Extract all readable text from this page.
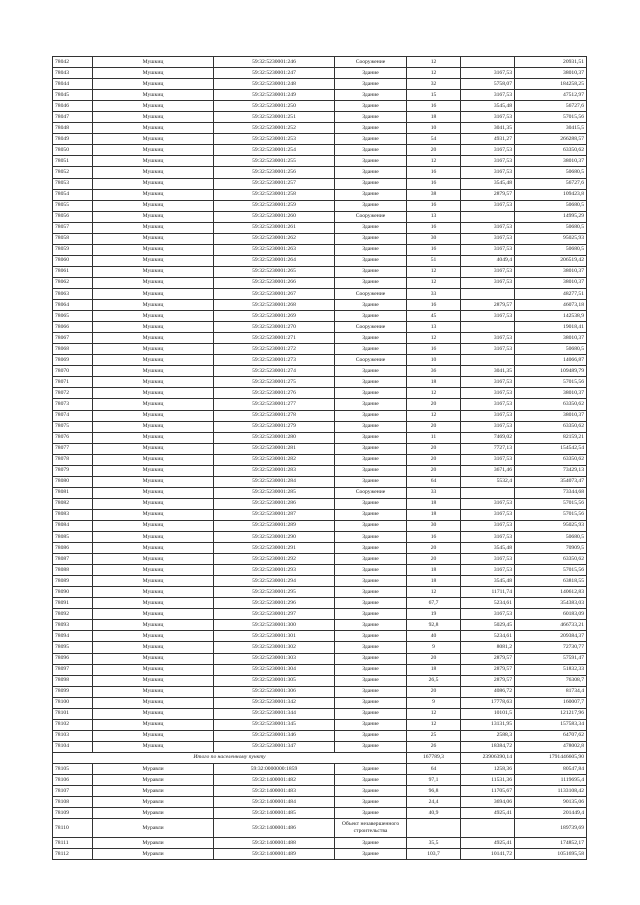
78042	Мушкиц	59:32:5230001:246	Сооружение	12		20931,51
78043	Мушкиц	59:32:5230001:247	Здание	12	3167,53	38010,37
78044	Мушкиц	59:32:5230001:248	Здание	32	5758,07	184258,25
78045	Мушкиц	59:32:5230001:249	Здание	15	3167,53	47512,97
78046	Мушкиц	59:32:5230001:250	Здание	16	3545,48	56727,6
78047	Мушкиц	59:32:5230001:251	Здание	18	3167,53	57015,56
78048	Мушкиц	59:32:5230001:252	Здание	10	3041,35	30415,5
78049	Мушкиц	59:32:5230001:253	Здание	54	4931,27	266288,57
78050	Мушкиц	59:32:5230001:254	Здание	20	3167,53	63350,62
78051	Мушкиц	59:32:5230001:255	Здание	12	3167,53	38010,37
78052	Мушкиц	59:32:5230001:256	Здание	16	3167,53	50680,5
78053	Мушкиц	59:32:5230001:257	Здание	16	3545,48	56727,6
78054	Мушкиц	59:32:5230001:258	Здание	38	2879,57	109423,8
78055	Мушкиц	59:32:5230001:259	Здание	16	3167,53	50680,5
78056	Мушкиц	59:32:5230001:260	Сооружение	13		14995,29
78057	Мушкиц	59:32:5230001:261	Здание	16	3167,53	50680,5
78058	Мушкиц	59:32:5230001:262	Здание	30	3167,53	95025,93
78059	Мушкиц	59:32:5230001:263	Здание	16	3167,53	50680,5
78060	Мушкиц	59:32:5230001:264	Здание	51	4049,4	206519,42
78061	Мушкиц	59:32:5230001:265	Здание	12	3167,53	38010,37
78062	Мушкиц	59:32:5230001:266	Здание	12	3167,53	38010,37
78063	Мушкиц	59:32:5230001:267	Сооружение	33		48277,51
78064	Мушкиц	59:32:5230001:268	Здание	16	2879,57	46073,18
78065	Мушкиц	59:32:5230001:269	Здание	45	3167,53	142538,9
78066	Мушкиц	59:32:5230001:270	Сооружение	13		19018,41
78067	Мушкиц	59:32:5230001:271	Здание	12	3167,53	38010,37
78068	Мушкиц	59:32:5230001:272	Здание	16	3167,53	50680,5
78069	Мушкиц	59:32:5230001:273	Сооружение	10		14066,87
78070	Мушкиц	59:32:5230001:274	Здание	36	3041,35	109489,79
78071	Мушкиц	59:32:5230001:275	Здание	18	3167,53	57015,56
78072	Мушкиц	59:32:5230001:276	Здание	12	3167,53	38010,37
78073	Мушкиц	59:32:5230001:277	Здание	20	3167,53	63350,62
78074	Мушкиц	59:32:5230001:278	Здание	12	3167,53	38010,37
78075	Мушкиц	59:32:5230001:279	Здание	20	3167,53	63350,62
78076	Мушкиц	59:32:5230001:280	Здание	11	7469,02	82159,21
78077	Мушкиц	59:32:5230001:281	Здание	20	7727,13	154542,54
78078	Мушкиц	59:32:5230001:282	Здание	20	3167,53	63350,62
78079	Мушкиц	59:32:5230001:283	Здание	20	3671,46	73429,13
78080	Мушкиц	59:32:5230001:284	Здание	64	5532,4	354073,47
78081	Мушкиц	59:32:5230001:285	Сооружение	33		73344,68
78082	Мушкиц	59:32:5230001:286	Здание	18	3167,53	57015,56
78083	Мушкиц	59:32:5230001:287	Здание	18	3167,53	57015,56
78084	Мушкиц	59:32:5230001:289	Здание	30	3167,53	95025,93
78085	Мушкиц	59:32:5230001:290	Здание	16	3167,53	50680,5
78086	Мушкиц	59:32:5230001:291	Здание	20	3545,48	70909,5
78087	Мушкиц	59:32:5230001:292	Здание	20	3167,53	63350,62
78088	Мушкиц	59:32:5230001:293	Здание	18	3167,53	57015,56
78089	Мушкиц	59:32:5230001:294	Здание	18	3545,48	63818,55
78090	Мушкиц	59:32:5230001:295	Здание	12	11711,74	140612,83
78091	Мушкиц	59:32:5230001:296	Здание	67,7	5234,61	354383,03
78092	Мушкиц	59:32:5230001:297	Здание	19	3167,53	60183,09
78093	Мушкиц	59:32:5230001:300	Здание	92,8	5029,45	466733,21
78094	Мушкиц	59:32:5230001:301	Здание	40	5234,61	209384,37
78095	Мушкиц	59:32:5230001:302	Здание	9	8081,2	72730,77
78096	Мушкиц	59:32:5230001:303	Здание	20	2879,57	57591,47
78097	Мушкиц	59:32:5230001:304	Здание	18	2879,57	51832,33
78098	Мушкиц	59:32:5230001:305	Здание	26,5	2879,57	76308,7
78099	Мушкиц	59:32:5230001:306	Здание	20	4086,72	81734,4
78100	Мушкиц	59:32:5230001:342	Здание	9	17778,63	160007,7
78101	Мушкиц	59:32:5230001:344	Здание	12	10101,5	121217,96
78102	Мушкиц	59:32:5230001:345	Здание	12	13131,95	157583,34
78103	Мушкиц	59:32:5230001:346	Здание	25	2588,3	64707,62
78104	Мушкиц	59:32:5230001:347	Здание	26	18384,72	478002,8
Итого по населенному пункту				167789,3	23906390,14	1791446605,90
78105	Муравли	59:32:0000000:1859	Здание	64	1258,36	80547,84
78106	Муравли	59:32:1400001:482	Здание	97,1	11531,36	1119695,4
78107	Муравли	59:32:1400001:483	Здание	96,8	11705,67	1133108,42
78108	Муравли	59:32:1400001:484	Здание	24,4	3694,06	90135,06
78109	Муравли	59:32:1400001:485	Здание	40,9	4925,41	201449,4
78110	Муравли	59:32:1400001:486	Объект незавершенного строительства			189739,69
78111	Муравли	59:32:1400001:488	Здание	35,5	4925,41	174852,17
78112	Муравли	59:32:1400001:489	Здание	103,7	10141,72	1051695,58
